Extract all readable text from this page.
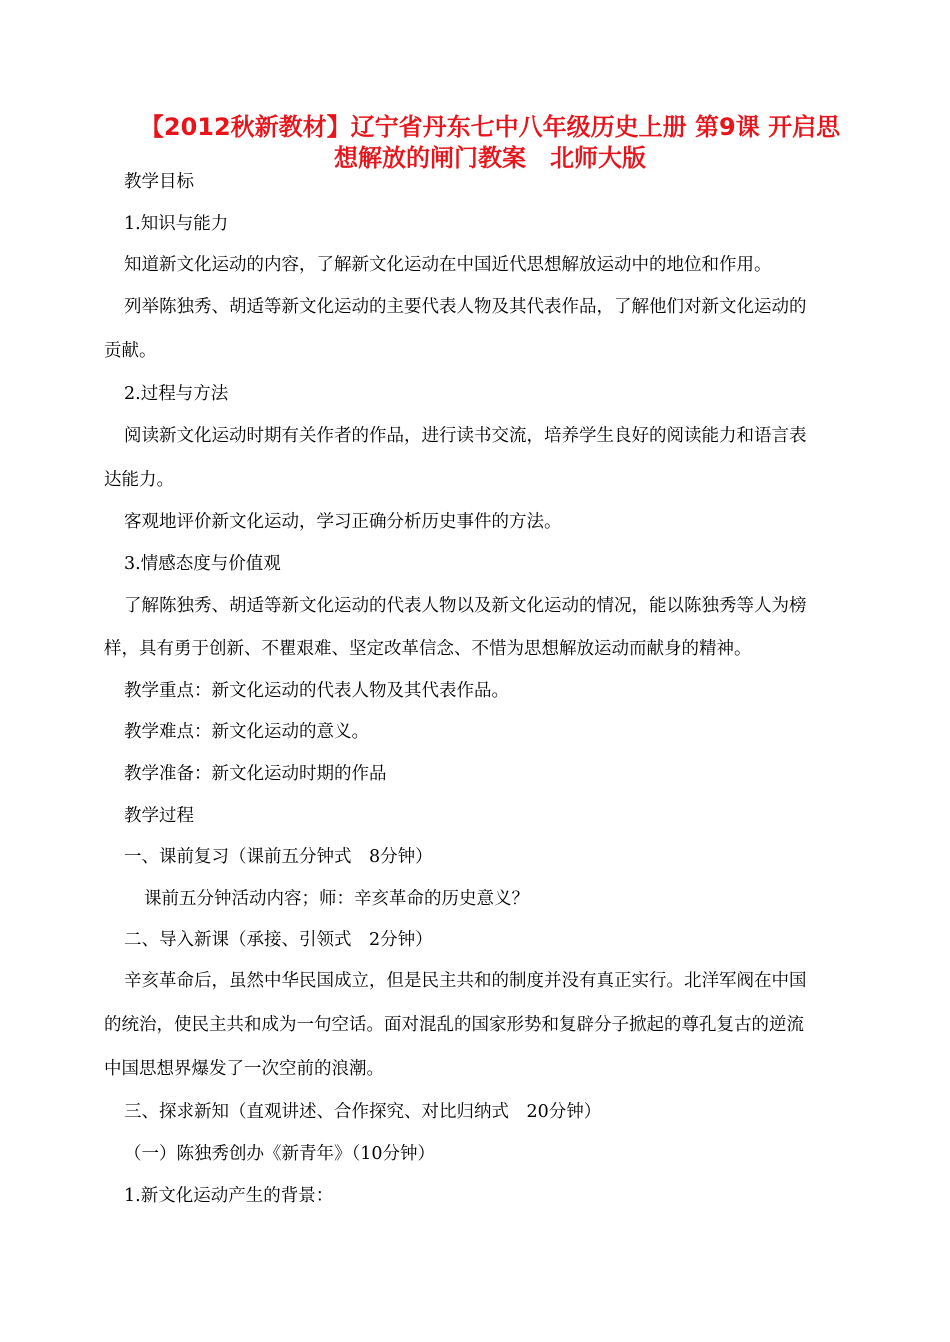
【2012秋新教材】辽宁省丹东七中八年级历史上册 第9课 开启思
想解放的闸门教案　北师大版
教学目标
1.知识与能力
知道新文化运动的内容，了解新文化运动在中国近代思想解放运动中的地位和作用。
列举陈独秀、胡适等新文化运动的主要代表人物及其代表作品，了解他们对新文化运动的
贡献。
2.过程与方法
阅读新文化运动时期有关作者的作品，进行读书交流，培养学生良好的阅读能力和语言表
达能力。
客观地评价新文化运动，学习正确分析历史事件的方法。
3.情感态度与价值观
了解陈独秀、胡适等新文化运动的代表人物以及新文化运动的情况，能以陈独秀等人为榜
样，具有勇于创新、不瞿艰难、坚定改革信念、不惜为思想解放运动而献身的精神。
教学重点：新文化运动的代表人物及其代表作品。
教学难点：新文化运动的意义。
教学准备：新文化运动时期的作品
教学过程
一、课前复习（课前五分钟式　8分钟）
课前五分钟活动内容；师：辛亥革命的历史意义？
二、导入新课（承接、引领式　2分钟）
辛亥革命后，虽然中华民国成立，但是民主共和的制度并没有真正实行。北洋军阀在中国
的统治，使民主共和成为一句空话。面对混乱的国家形势和复辟分子掀起的尊孔复古的逆流
中国思想界爆发了一次空前的浪潮。
三、探求新知（直观讲述、合作探究、对比归纳式　20分钟）
（一）陈独秀创办《新青年》（10分钟）
1.新文化运动产生的背景：
